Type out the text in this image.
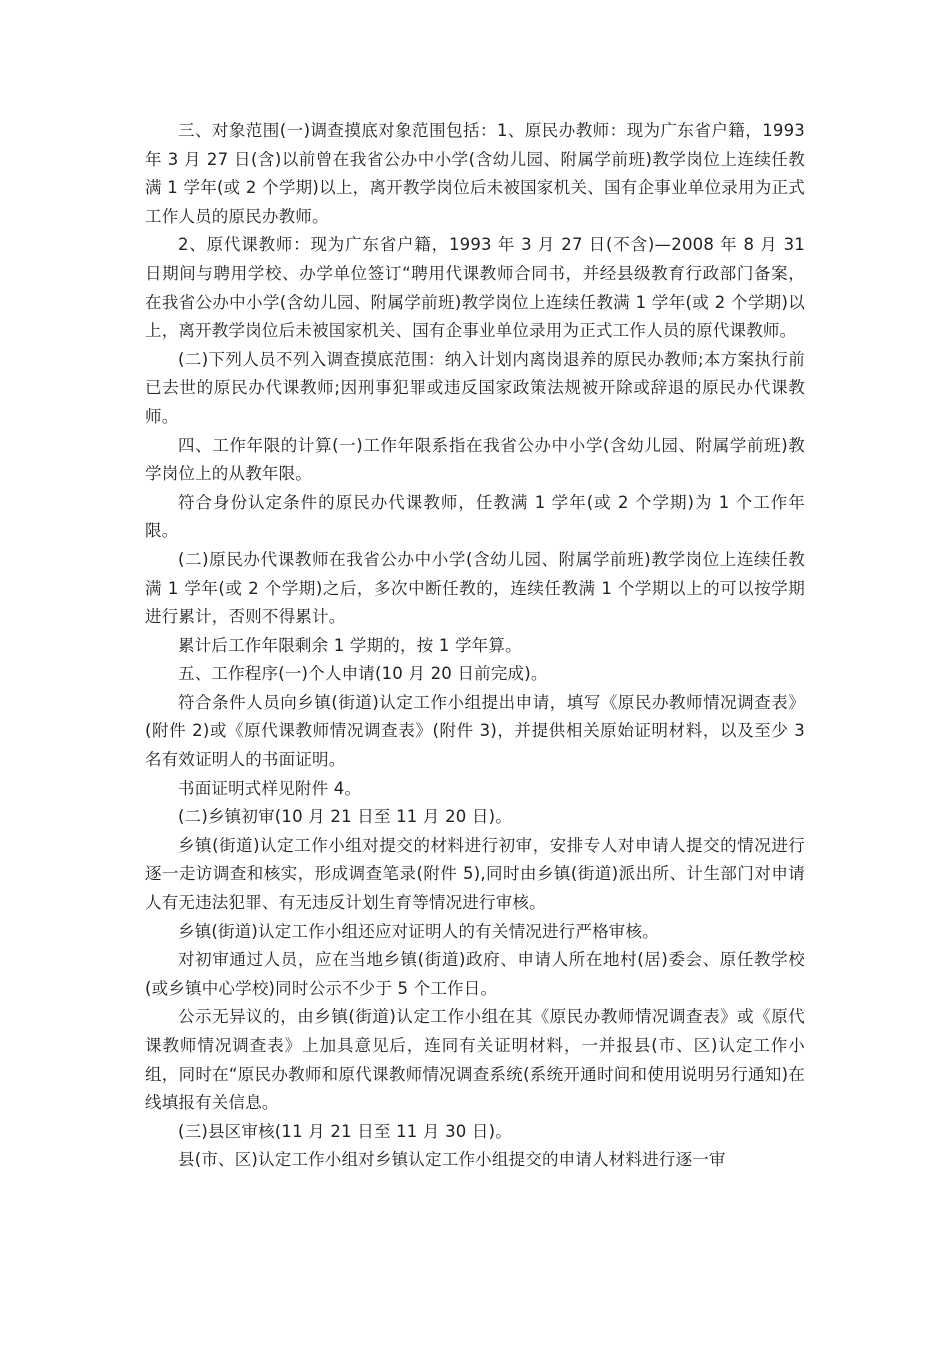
三、对象范围(一)调查摸底对象范围包括：1、原民办教师：现为广东省户籍，1993 年 3 月 27 日(含)以前曾在我省公办中小学(含幼儿园、附属学前班)教学岗位上连续任教满 1 学年(或 2 个学期)以上，离开教学岗位后未被国家机关、国有企事业单位录用为正式工作人员的原民办教师。

2、原代课教师：现为广东省户籍，1993 年 3 月 27 日(不含)—2008 年 8 月 31 日期间与聘用学校、办学单位签订“聘用代课教师合同书，并经县级教育行政部门备案，在我省公办中小学(含幼儿园、附属学前班)教学岗位上连续任教满 1 学年(或 2 个学期)以上，离开教学岗位后未被国家机关、国有企事业单位录用为正式工作人员的原代课教师。

(二)下列人员不列入调查摸底范围：纳入计划内离岗退养的原民办教师;本方案执行前已去世的原民办代课教师;因刑事犯罪或违反国家政策法规被开除或辞退的原民办代课教师。

四、工作年限的计算(一)工作年限系指在我省公办中小学(含幼儿园、附属学前班)教学岗位上的从教年限。

符合身份认定条件的原民办代课教师，任教满 1 学年(或 2 个学期)为 1 个工作年限。

(二)原民办代课教师在我省公办中小学(含幼儿园、附属学前班)教学岗位上连续任教满 1 学年(或 2 个学期)之后，多次中断任教的，连续任教满 1 个学期以上的可以按学期进行累计，否则不得累计。

累计后工作年限剩余 1 学期的，按 1 学年算。

五、工作程序(一)个人申请(10 月 20 日前完成)。

符合条件人员向乡镇(街道)认定工作小组提出申请，填写《原民办教师情况调查表》(附件 2)或《原代课教师情况调查表》(附件 3)，并提供相关原始证明材料，以及至少 3 名有效证明人的书面证明。

书面证明式样见附件 4。

(二)乡镇初审(10 月 21 日至 11 月 20 日)。

乡镇(街道)认定工作小组对提交的材料进行初审，安排专人对申请人提交的情况进行逐一走访调查和核实，形成调查笔录(附件 5),同时由乡镇(街道)派出所、计生部门对申请人有无违法犯罪、有无违反计划生育等情况进行审核。

乡镇(街道)认定工作小组还应对证明人的有关情况进行严格审核。

对初审通过人员，应在当地乡镇(街道)政府、申请人所在地村(居)委会、原任教学校(或乡镇中心学校)同时公示不少于 5 个工作日。

公示无异议的，由乡镇(街道)认定工作小组在其《原民办教师情况调查表》或《原代课教师情况调查表》上加具意见后，连同有关证明材料，一并报县(市、区)认定工作小组，同时在“原民办教师和原代课教师情况调查系统(系统开通时间和使用说明另行通知)在线填报有关信息。

(三)县区审核(11 月 21 日至 11 月 30 日)。

县(市、区)认定工作小组对乡镇认定工作小组提交的申请人材料进行逐一审
